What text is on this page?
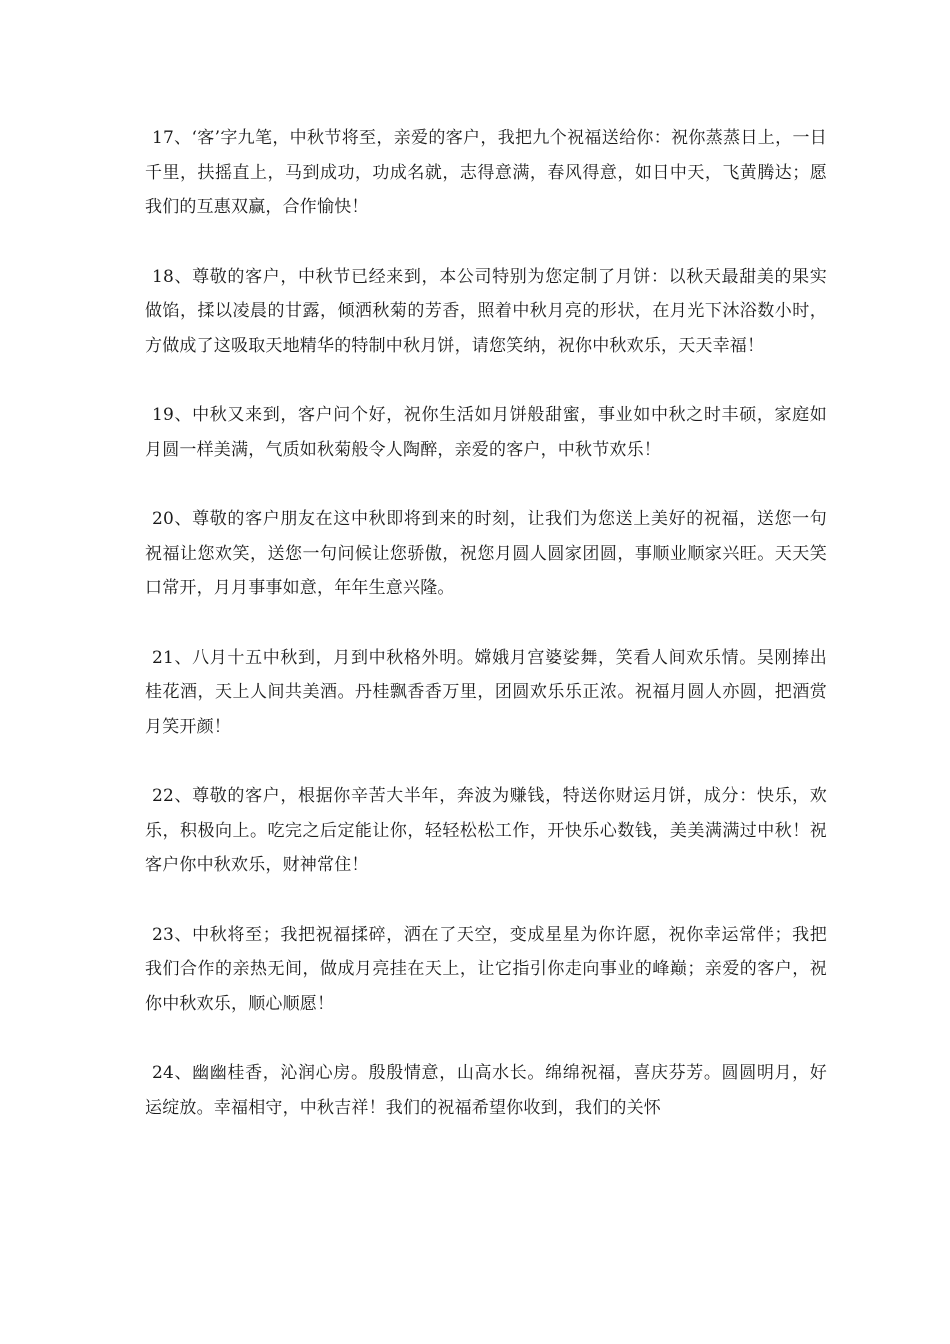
17、‘客’字九笔，中秋节将至，亲爱的客户，我把九个祝福送给你：祝你蒸蒸日上，一日千里，扶摇直上，马到成功，功成名就，志得意满，春风得意，如日中天，飞黄腾达；愿我们的互惠双赢，合作愉快！

18、尊敬的客户，中秋节已经来到，本公司特别为您定制了月饼：以秋天最甜美的果实做馅，揉以凌晨的甘露，倾洒秋菊的芳香，照着中秋月亮的形状，在月光下沐浴数小时，方做成了这吸取天地精华的特制中秋月饼，请您笑纳，祝你中秋欢乐，天天幸福！

19、中秋又来到，客户问个好，祝你生活如月饼般甜蜜，事业如中秋之时丰硕，家庭如月圆一样美满，气质如秋菊般令人陶醉，亲爱的客户，中秋节欢乐！

20、尊敬的客户朋友在这中秋即将到来的时刻，让我们为您送上美好的祝福，送您一句祝福让您欢笑，送您一句问候让您骄傲，祝您月圆人圆家团圆，事顺业顺家兴旺。天天笑口常开，月月事事如意，年年生意兴隆。

21、八月十五中秋到，月到中秋格外明。嫦娥月宫婆娑舞，笑看人间欢乐情。吴刚捧出桂花酒，天上人间共美酒。丹桂飘香香万里，团圆欢乐乐正浓。祝福月圆人亦圆，把酒赏月笑开颜！

22、尊敬的客户，根据你辛苦大半年，奔波为赚钱，特送你财运月饼，成分：快乐，欢乐，积极向上。吃完之后定能让你，轻轻松松工作，开快乐心数钱，美美满满过中秋！祝客户你中秋欢乐，财神常住！

23、中秋将至；我把祝福揉碎，洒在了天空，变成星星为你许愿，祝你幸运常伴；我把我们合作的亲热无间，做成月亮挂在天上，让它指引你走向事业的峰巅；亲爱的客户，祝你中秋欢乐，顺心顺愿！

24、幽幽桂香，沁润心房。殷殷情意，山高水长。绵绵祝福，喜庆芬芳。圆圆明月，好运绽放。幸福相守，中秋吉祥！我们的祝福希望你收到，我们的关怀
